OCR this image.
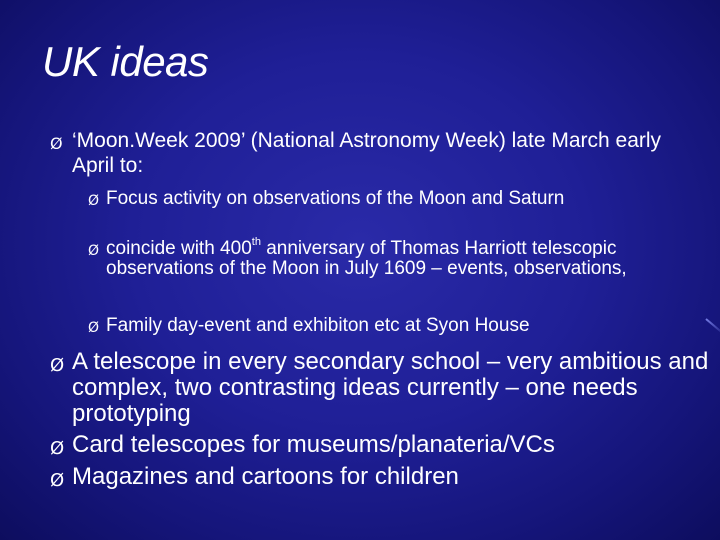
UK ideas
Ø ‘Moon.Week 2009’ (National Astronomy Week) late March early April to:
Ø Focus activity on observations of the Moon and Saturn
Ø coincide with 400th anniversary of Thomas Harriott telescopic observations of the Moon in July 1609 – events, observations,
Ø Family day-event and exhibiton etc at Syon House
Ø A telescope in every secondary school – very ambitious and complex, two contrasting ideas currently – one needs prototyping
Ø Card telescopes for museums/planateria/VCs
Ø Magazines and cartoons for children
